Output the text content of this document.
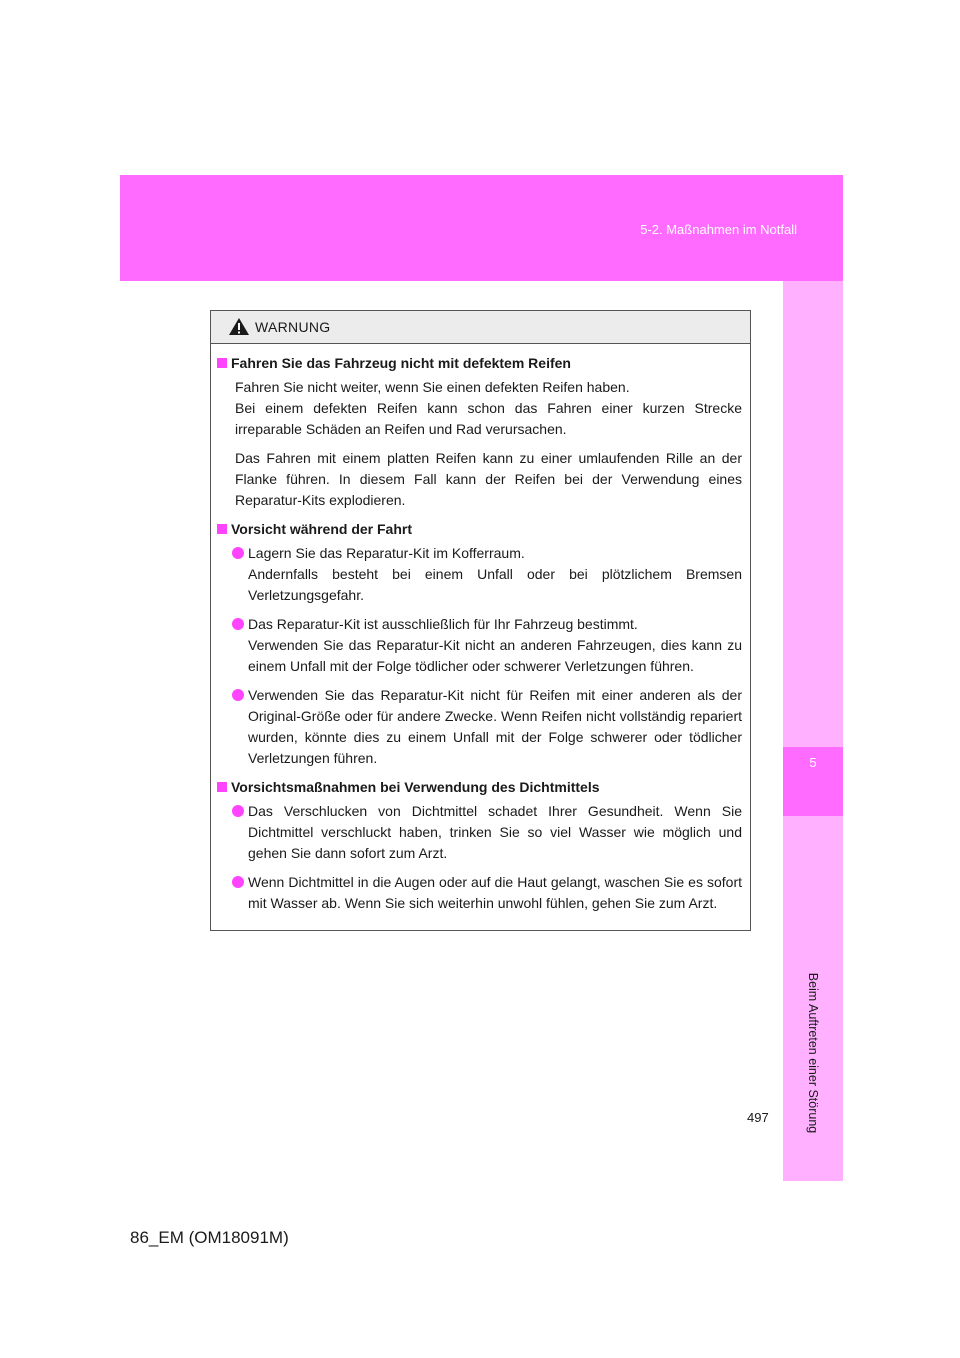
5-2. Maßnahmen im Notfall
5
Beim Auftreten einer Störung
WARNUNG
Fahren Sie das Fahrzeug nicht mit defektem Reifen
Fahren Sie nicht weiter, wenn Sie einen defekten Reifen haben.
Bei einem defekten Reifen kann schon das Fahren einer kurzen Strecke irreparable Schäden an Reifen und Rad verursachen.
Das Fahren mit einem platten Reifen kann zu einer umlaufenden Rille an der Flanke führen. In diesem Fall kann der Reifen bei der Verwendung eines Reparatur-Kits explodieren.
Vorsicht während der Fahrt
Lagern Sie das Reparatur-Kit im Kofferraum.
Andernfalls besteht bei einem Unfall oder bei plötzlichem Bremsen Verletzungsgefahr.
Das Reparatur-Kit ist ausschließlich für Ihr Fahrzeug bestimmt.
Verwenden Sie das Reparatur-Kit nicht an anderen Fahrzeugen, dies kann zu einem Unfall mit der Folge tödlicher oder schwerer Verletzungen führen.
Verwenden Sie das Reparatur-Kit nicht für Reifen mit einer anderen als der Original-Größe oder für andere Zwecke. Wenn Reifen nicht vollständig repariert wurden, könnte dies zu einem Unfall mit der Folge schwerer oder tödlicher Verletzungen führen.
Vorsichtsmaßnahmen bei Verwendung des Dichtmittels
Das Verschlucken von Dichtmittel schadet Ihrer Gesundheit. Wenn Sie Dichtmittel verschluckt haben, trinken Sie so viel Wasser wie möglich und gehen Sie dann sofort zum Arzt.
Wenn Dichtmittel in die Augen oder auf die Haut gelangt, waschen Sie es sofort mit Wasser ab. Wenn Sie sich weiterhin unwohl fühlen, gehen Sie zum Arzt.
497
86_EM (OM18091M)
